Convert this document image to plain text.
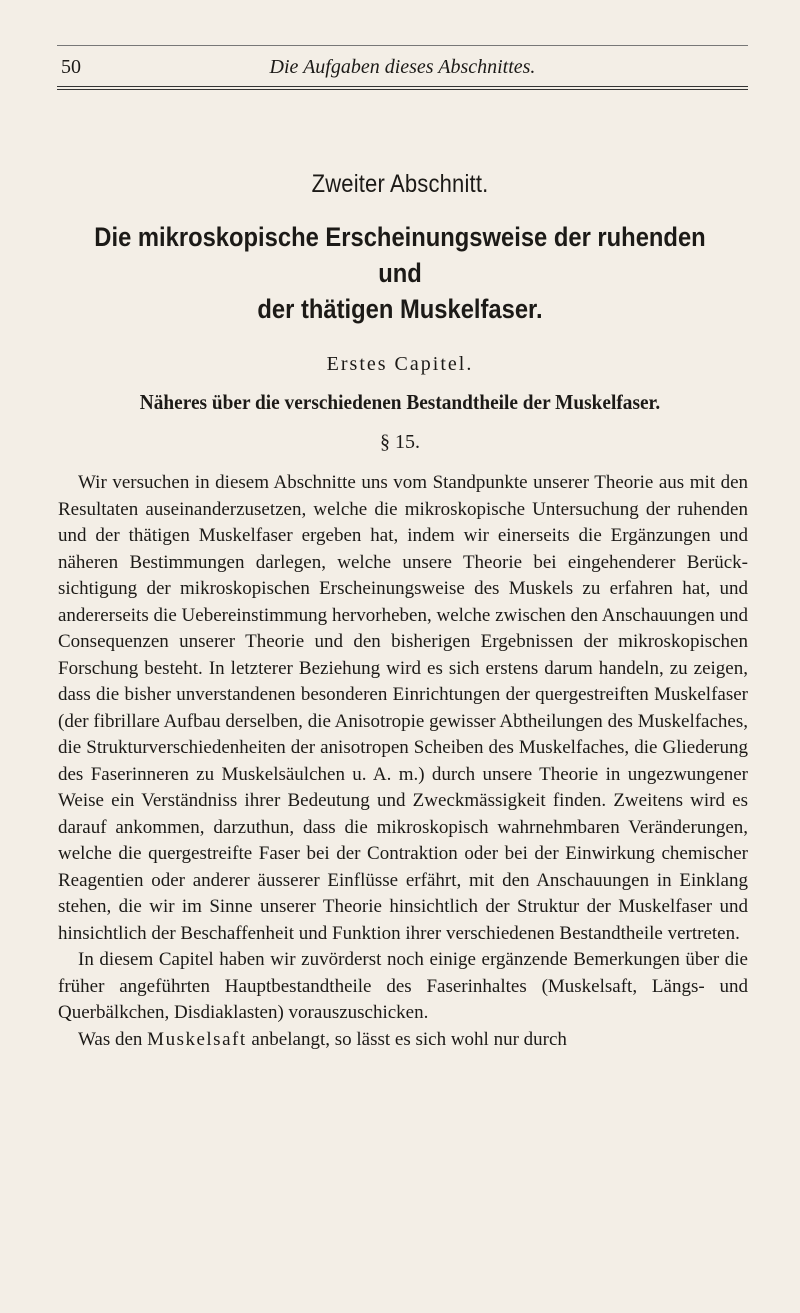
50	Die Aufgaben dieses Abschnittes.
Zweiter Abschnitt.
Die mikroskopische Erscheinungsweise der ruhenden und
der thätigen Muskelfaser.
Erstes Capitel.
Näheres über die verschiedenen Bestandtheile der Muskelfaser.
§ 15.

Wir versuchen in diesem Abschnitte uns vom Standpunkte unserer Theorie aus mit den Resultaten auseinanderzusetzen, welche die mikroskopische Untersuchung der ruhenden und der thätigen Muskelfaser ergeben hat, indem wir einerseits die Ergänzungen und näheren Bestimmungen darlegen, welche unsere Theorie bei eingehenderer Berücksichtigung der mikroskopischen Erscheinungsweise des Muskels zu erfahren hat, und andererseits die Uebereinstimmung hervorheben, welche zwischen den Anschauungen und Consequenzen unserer Theorie und den bisherigen Ergebnissen der mikroskopischen Forschung besteht. In letzterer Beziehung wird es sich erstens darum handeln, zu zeigen, dass die bisher unverstandenen besonderen Einrichtungen der quergestreiften Muskelfaser (der fibrillare Aufbau derselben, die Anisotropie gewisser Abtheilungen des Muskelfaches, die Strukturverschiedenheiten der anisotropen Scheiben des Muskelfaches, die Gliederung des Faserinneren zu Muskelsäulchen u. A. m.) durch unsere Theorie in ungezwungener Weise ein Verständniss ihrer Bedeutung und Zweckmässigkeit finden. Zweitens wird es darauf ankommen, darzuthun, dass die mikroskopisch wahrnehmbaren Veränderungen, welche die quergestreifte Faser bei der Contraktion oder bei der Einwirkung chemischer Reagentien oder anderer äusserer Einflüsse erfährt, mit den Anschauungen in Einklang stehen, die wir im Sinne unserer Theorie hinsichtlich der Struktur der Muskelfaser und hinsichtlich der Beschaffenheit und Funktion ihrer verschiedenen Bestandtheile vertreten.

In diesem Capitel haben wir zuvörderst noch einige ergänzende Bemerkungen über die früher angeführten Hauptbestandtheile des Faserinhaltes (Muskelsaft, Längs- und Querbälkchen, Disdiaklasten) vorauszuschicken.

Was den Muskelsaft anbelangt, so lässt es sich wohl nur durch
